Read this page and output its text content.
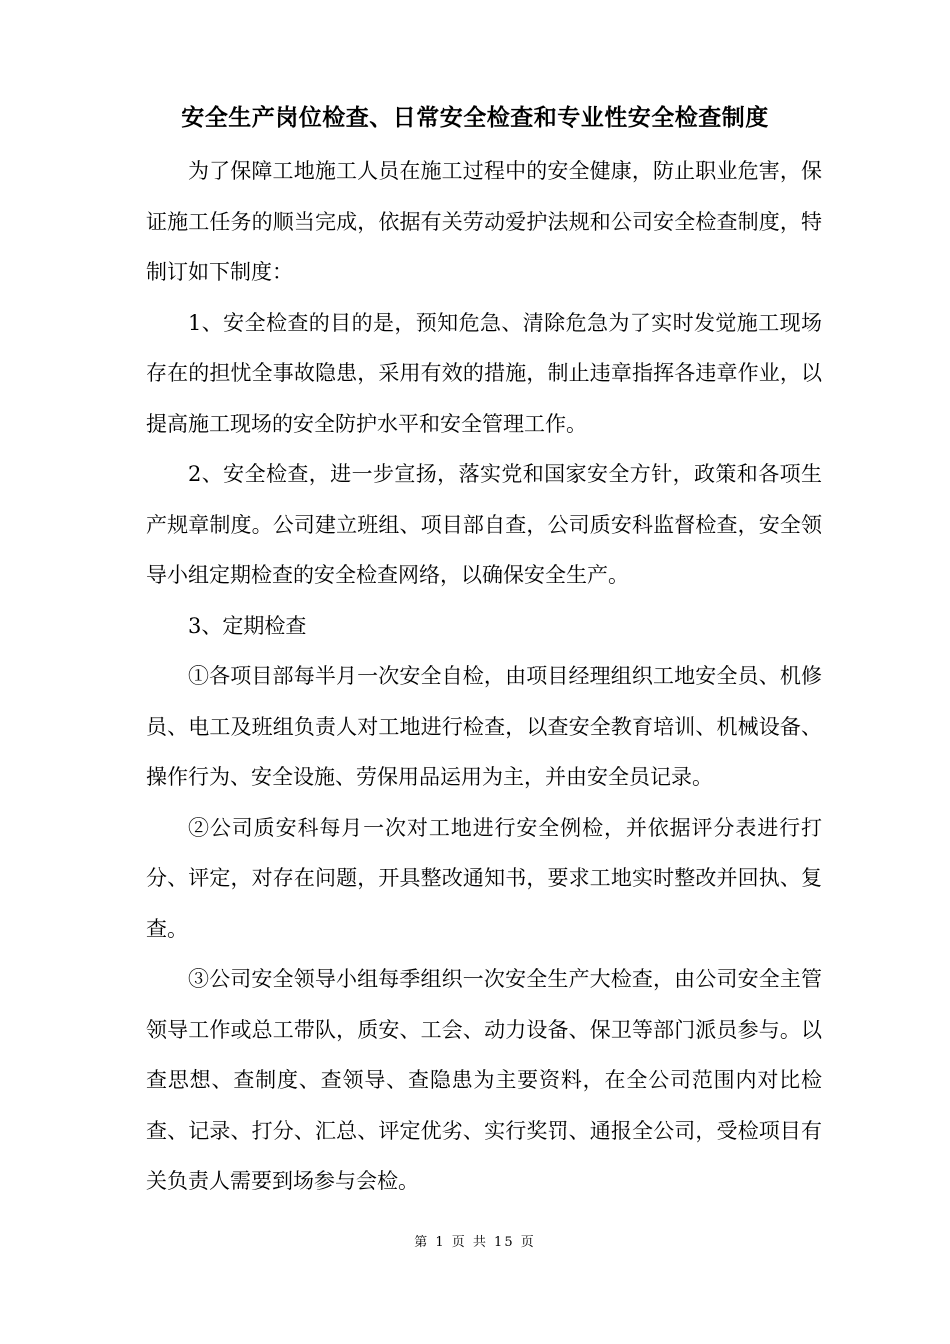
安全生产岗位检查、日常安全检查和专业性安全检查制度

为了保障工地施工人员在施工过程中的安全健康，防止职业危害，保证施工任务的顺当完成，依据有关劳动爱护法规和公司安全检查制度，特制订如下制度：

1、安全检查的目的是，预知危急、清除危急为了实时发觉施工现场存在的担忧全事故隐患，采用有效的措施，制止违章指挥各违章作业，以提高施工现场的安全防护水平和安全管理工作。

2、安全检查，进一步宣扬，落实党和国家安全方针，政策和各项生产规章制度。公司建立班组、项目部自查，公司质安科监督检查，安全领导小组定期检查的安全检查网络，以确保安全生产。

3、定期检查

①各项目部每半月一次安全自检，由项目经理组织工地安全员、机修员、电工及班组负责人对工地进行检查，以查安全教育培训、机械设备、操作行为、安全设施、劳保用品运用为主，并由安全员记录。

②公司质安科每月一次对工地进行安全例检，并依据评分表进行打分、评定，对存在问题，开具整改通知书，要求工地实时整改并回执、复查。

③公司安全领导小组每季组织一次安全生产大检查，由公司安全主管领导工作或总工带队，质安、工会、动力设备、保卫等部门派员参与。以查思想、查制度、查领导、查隐患为主要资料，在全公司范围内对比检查、记录、打分、汇总、评定优劣、实行奖罚、通报全公司，受检项目有关负责人需要到场参与会检。

第 1 页 共 15 页
